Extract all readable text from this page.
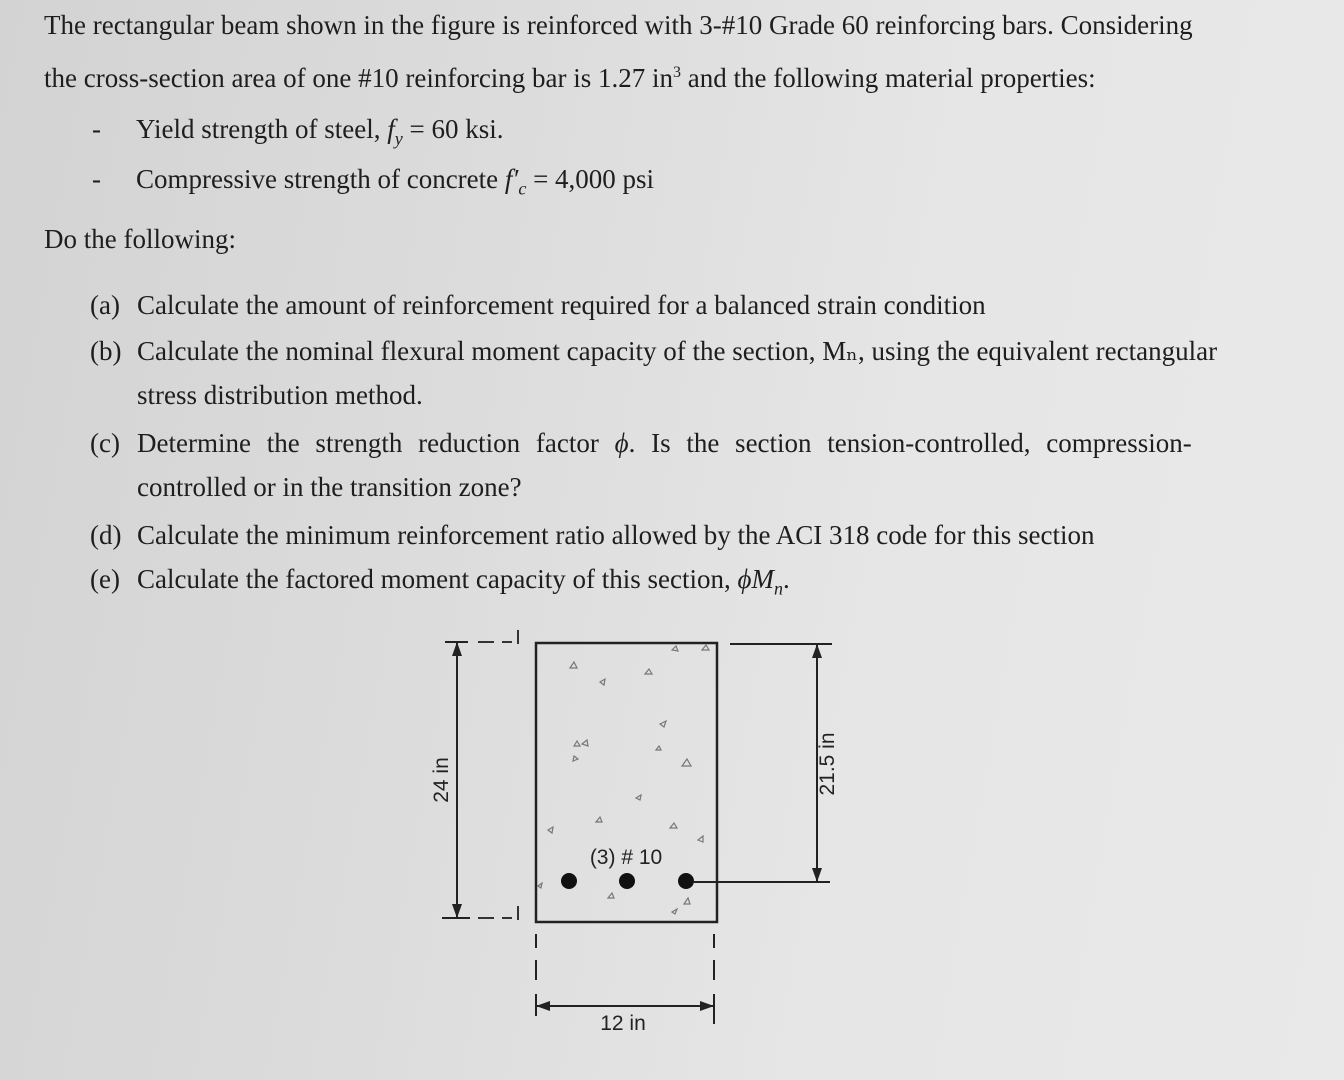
The rectangular beam shown in the figure is reinforced with 3-#10 Grade 60 reinforcing bars. Considering
the cross-section area of one #10 reinforcing bar is 1.27 $in^3$ and the following material properties:
- Yield strength of steel, $f_y = 60$ ksi.
- Compressive strength of concrete $f'_c = 4,000$ psi
Do the following:
(a) Calculate the amount of reinforcement required for a balanced strain condition
(b) Calculate the nominal flexural moment capacity of the section, Mₙ, using the equivalent rectangular
stress distribution method.
(c) Determine the strength reduction factor ϕ. Is the section tension-controlled, compression-
controlled or in the transition zone?
(d) Calculate the minimum reinforcement ratio allowed by the ACI 318 code for this section
(e) Calculate the factored moment capacity of this section, $\phi M_n$.
24 in
(3) # 10
21.5 in
12 in
